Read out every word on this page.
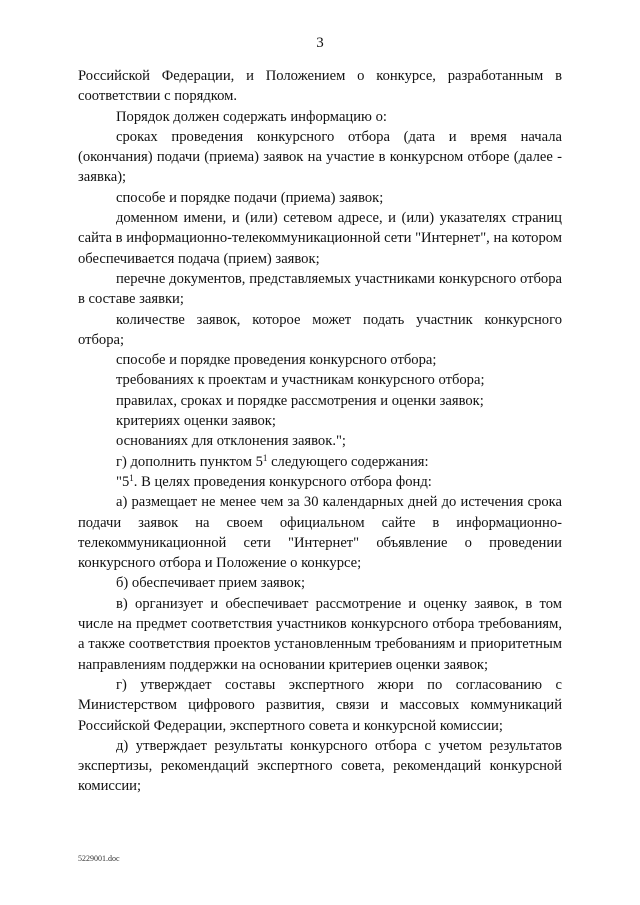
3

Российской Федерации, и Положением о конкурсе, разработанным в соответствии с порядком.

Порядок должен содержать информацию о:

сроках проведения конкурсного отбора (дата и время начала (окончания) подачи (приема) заявок на участие в конкурсном отборе (далее - заявка);

способе и порядке подачи (приема) заявок;

доменном имени, и (или) сетевом адресе, и (или) указателях страниц сайта в информационно-телекоммуникационной сети "Интернет", на котором обеспечивается подача (прием) заявок;

перечне документов, представляемых участниками конкурсного отбора в составе заявки;

количестве заявок, которое может подать участник конкурсного отбора;

способе и порядке проведения конкурсного отбора;

требованиях к проектам и участникам конкурсного отбора;

правилах, сроках и порядке рассмотрения и оценки заявок;

критериях оценки заявок;

основаниях для отклонения заявок.";

г) дополнить пунктом $5^1$ следующего содержания:

"$5^1$. В целях проведения конкурсного отбора фонд:

а) размещает не менее чем за 30 календарных дней до истечения срока подачи заявок на своем официальном сайте в информационно-телекоммуникационной сети "Интернет" объявление о проведении конкурсного отбора и Положение о конкурсе;

б) обеспечивает прием заявок;

в) организует и обеспечивает рассмотрение и оценку заявок, в том числе на предмет соответствия участников конкурсного отбора требованиям, а также соответствия проектов установленным требованиям и приоритетным направлениям поддержки на основании критериев оценки заявок;

г) утверждает составы экспертного жюри по согласованию с Министерством цифрового развития, связи и массовых коммуникаций Российской Федерации, экспертного совета и конкурсной комиссии;

д) утверждает результаты конкурсного отбора с учетом результатов экспертизы, рекомендаций экспертного совета, рекомендаций конкурсной комиссии;

5229001.doc
